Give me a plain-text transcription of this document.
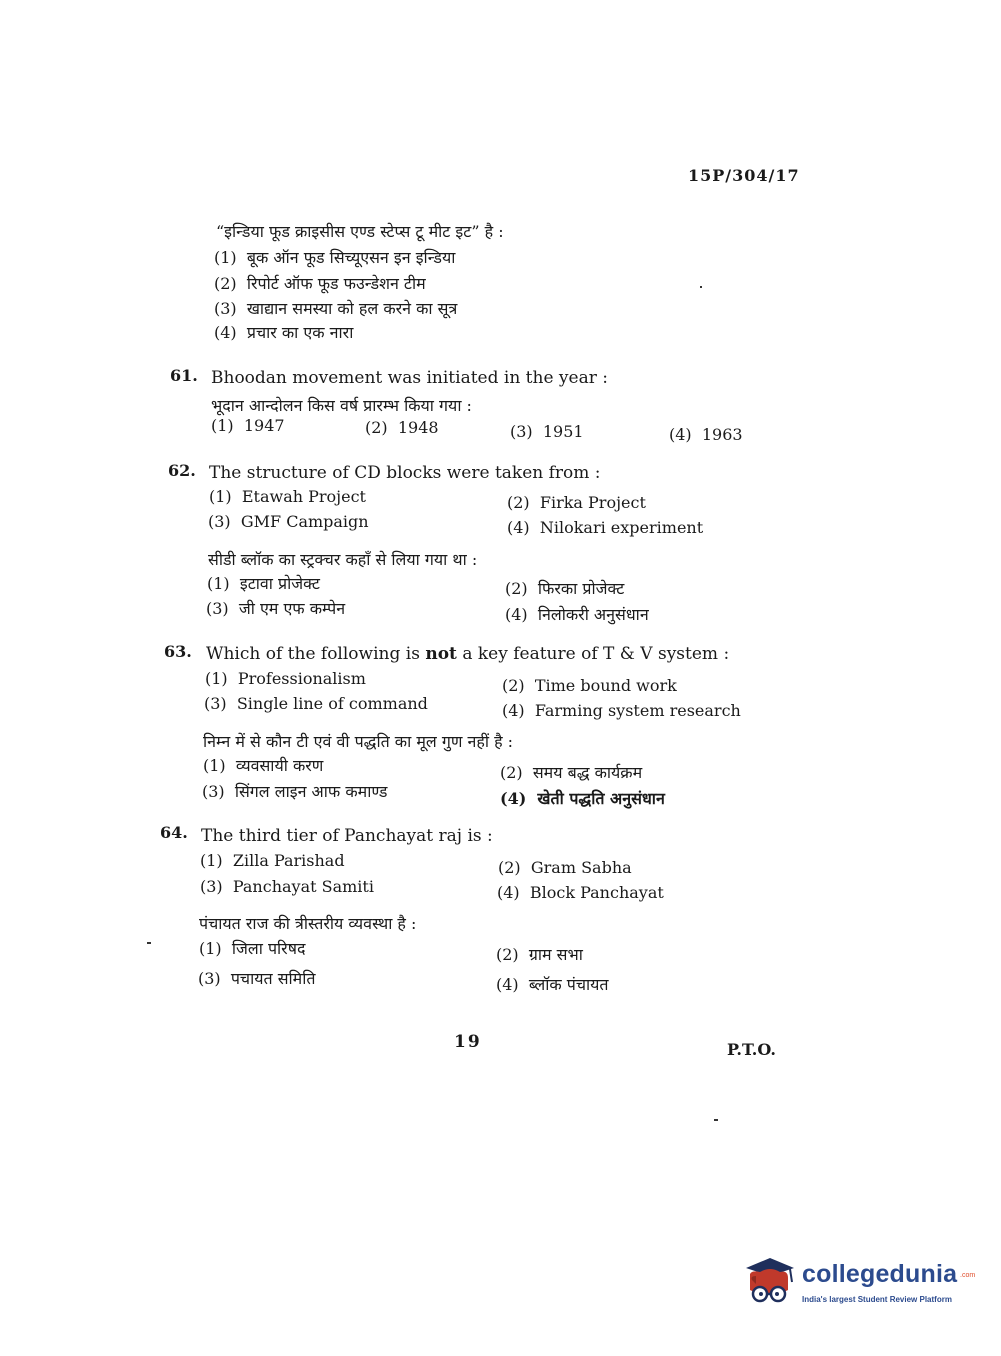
15P/304/17
“इन्डिया फूड क्राइसीस एण्ड स्टेप्स टू मीट इट” है :
(1) बूक ऑन फूड सिच्यूएसन इन इन्डिया
(2) रिपोर्ट ऑफ फूड फउन्डेशन टीम
(3) खाद्यान समस्या को हल करने का सूत्र
(4) प्रचार का एक नारा
61. Bhoodan movement was initiated in the year :
भूदान आन्दोलन किस वर्ष प्रारम्भ किया गया :
(1) 1947	(2) 1948	(3) 1951	(4) 1963
62. The structure of CD blocks were taken from :
(1) Etawah Project	(2) Firka Project
(3) GMF Campaign	(4) Nilokari experiment
सीडी ब्लॉक का स्ट्रक्चर कहाँ से लिया गया था :
(1) इटावा प्रोजेक्ट	(2) फिरका प्रोजेक्ट
(3) जी एम एफ कम्पेन	(4) निलोकरी अनुसंधान
63. Which of the following is not a key feature of T & V system :
(1) Professionalism	(2) Time bound work
(3) Single line of command	(4) Farming system research
निम्न में से कौन टी एवं वी पद्धति का मूल गुण नहीं है :
(1) व्यवसायी करण	(2) समय बद्ध कार्यक्रम
(3) सिंगल लाइन आफ कमाण्ड	(4) खेती पद्धति अनुसंधान
64. The third tier of Panchayat raj is :
(1) Zilla Parishad	(2) Gram Sabha
(3) Panchayat Samiti	(4) Block Panchayat
पंचायत राज की त्रीस्तरीय व्यवस्था है :
(1) जिला परिषद	(2) ग्राम सभा
(3) पचायत समिति	(4) ब्लॉक पंचायत
19	P.T.O.
collegedunia .com
India's largest Student Review Platform
